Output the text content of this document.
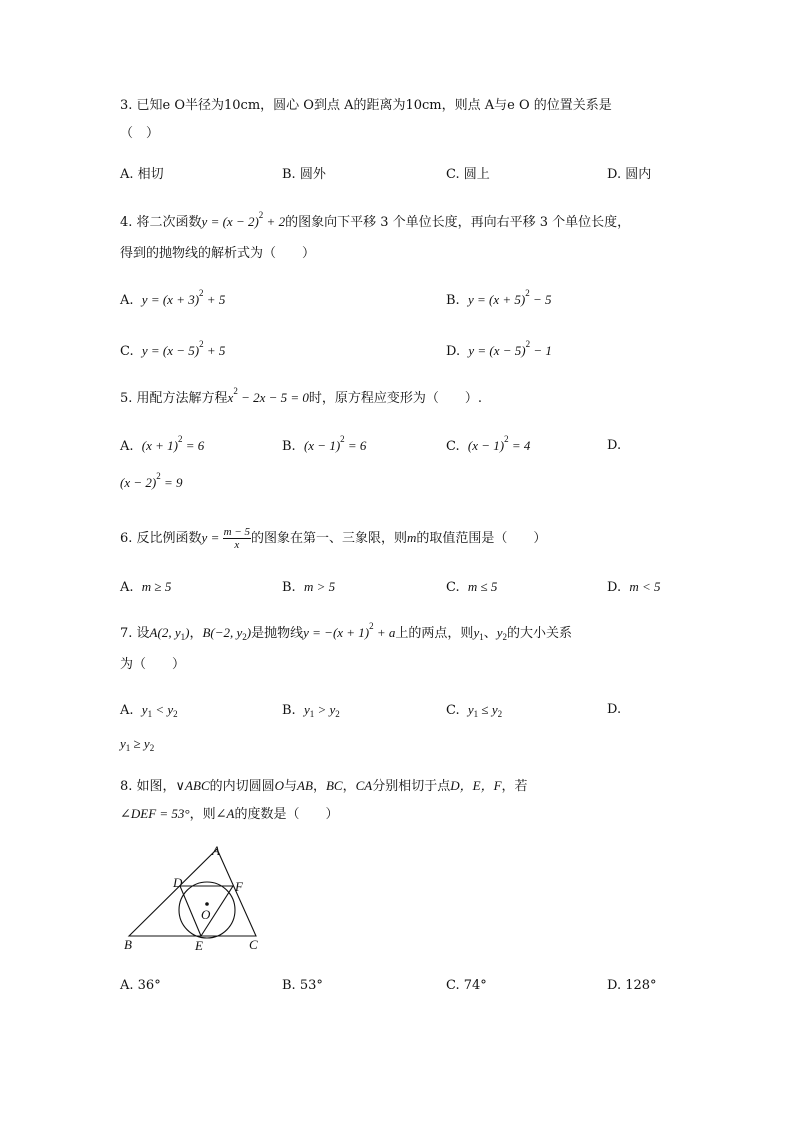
3. 已知e O半径为10cm，圆心 O到点 A的距离为10cm，则点 A与e O 的位置关系是
（　）
A. 相切	B. 圆外	C. 圆上	D. 圆内
4. 将二次函数$y = (x - 2)^2 + 2$的图象向下平移 3 个单位长度，再向右平移 3 个单位长度，
得到的抛物线的解析式为（　　）
A. $y = (x + 3)^2 + 5$	B. $y = (x + 5)^2 - 5$
C. $y = (x - 5)^2 + 5$	D. $y = (x - 5)^2 - 1$
5. 用配方法解方程$x^2 - 2x - 5 = 0$时，原方程应变形为（　　）.
A. $(x + 1)^2 = 6$	B. $(x - 1)^2 = 6$	C. $(x - 1)^2 = 4$	D.
$(x - 2)^2 = 9$
6. 反比例函数$y = \frac{m - 5}{x}$ 的图象在第一、三象限，则m的取值范围是（　　）
A. m ≥ 5	B. m > 5	C. m ≤ 5	D. m < 5
7. 设A(2, $y_1$)，B(−2, $y_2$)是抛物线$y = -(x + 1)^2 + a$上的两点，则$y_1$、$y_2$的大小关系
为（　　）
A. $y_1 < y_2$	B. $y_1 > y_2$	C. $y_1 \le y_2$	D.
$y_1 \ge y_2$
8. 如图，∨ABC的内切圆圆O与AB，BC，CA分别相切于点D，E，F，若
∠DEF = 53°，则∠A的度数是（　　）
A
B	C
D
E
F
O
A. 36°	B. 53°	C. 74°	D. 128°
